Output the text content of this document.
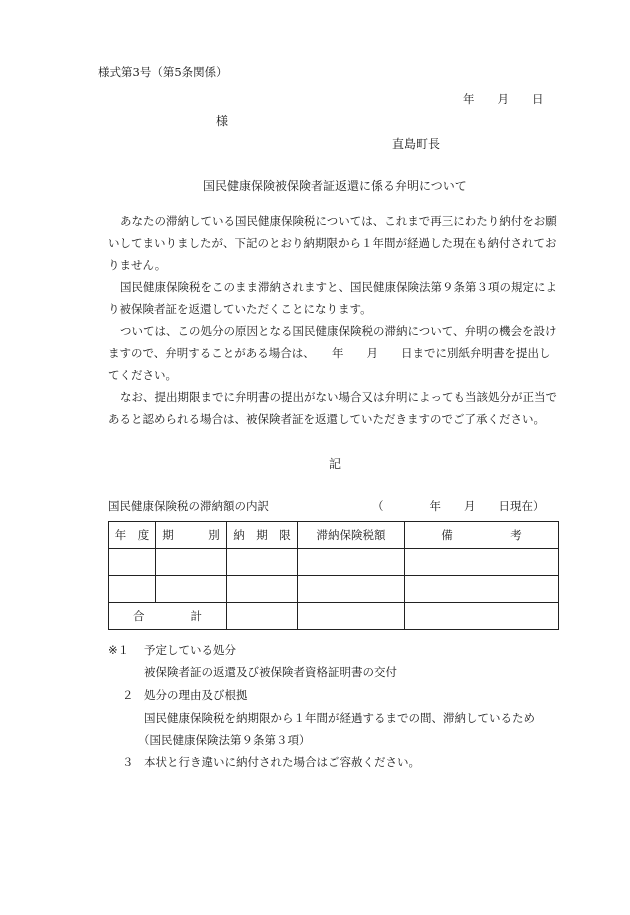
様式第3号（第5条関係）
年　　月　　日
様
直島町長
国民健康保険被保険者証返還に係る弁明について
あなたの滞納している国民健康保険税については、これまで再三にわたり納付をお願
いしてまいりましたが、下記のとおり納期限から１年間が経過した現在も納付されてお
りません。
国民健康保険税をこのまま滞納されますと、国民健康保険法第９条第３項の規定によ
り被保険者証を返還していただくことになります。
ついては、この処分の原因となる国民健康保険税の滞納について、弁明の機会を設け
ますので、弁明することがある場合は、　　年　　月　　日までに別紙弁明書を提出し
てください。
なお、提出期限までに弁明書の提出がない場合又は弁明によっても当該処分が正当で
あると認められる場合は、被保険者証を返還していただきますのでご了承ください。
記
国民健康保険税の滞納額の内訳	（　　　　年　　月　　日現在）
年　度	期　　　別	納　期　限	滞納保険税額	備　　　　　考

合　　　　計				
※１ 予定している処分
被保険者証の返還及び被保険者資格証明書の交付
２ 処分の理由及び根拠
国民健康保険税を納期限から１年間が経過するまでの間、滞納しているため
（国民健康保険法第９条第３項）
３ 本状と行き違いに納付された場合はご容赦ください。
